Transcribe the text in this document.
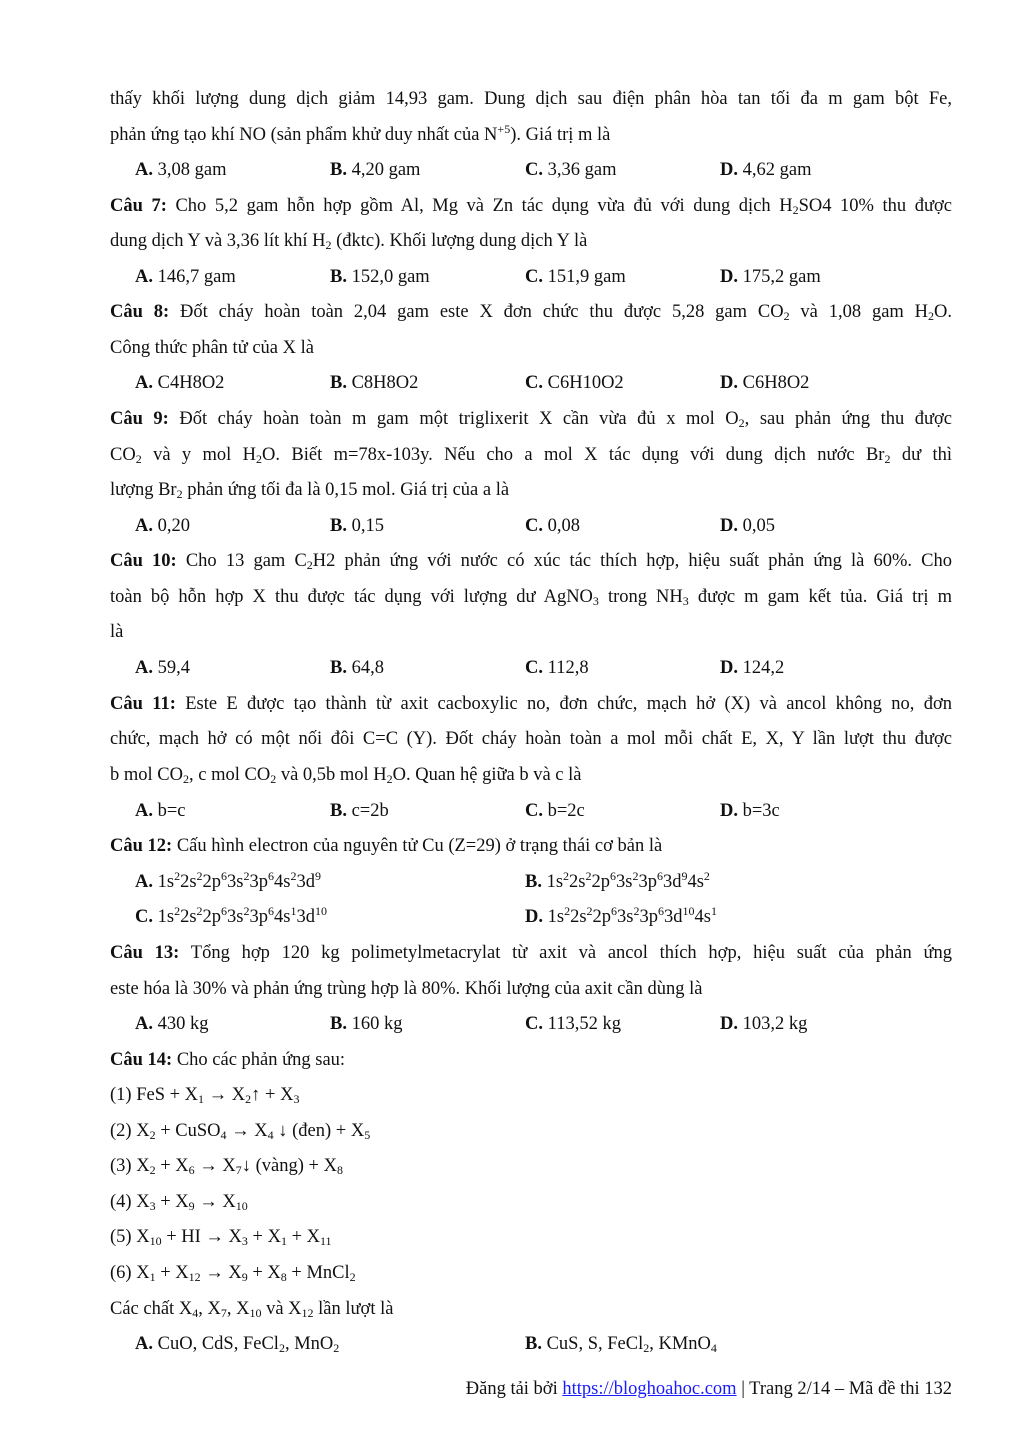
thấy khối lượng dung dịch giảm 14,93 gam. Dung dịch sau điện phân hòa tan tối đa m gam bột Fe,
phản ứng tạo khí NO (sản phẩm khử duy nhất của $N^{+5}$). Giá trị m là
A. 3,08 gam	B. 4,20 gam	C. 3,36 gam	D. 4,62 gam
Câu 7: Cho 5,2 gam hỗn hợp gồm Al, Mg và Zn tác dụng vừa đủ với dung dịch $H_2SO4$ 10% thu được
dung dịch Y và 3,36 lít khí $H_2$ (đktc). Khối lượng dung dịch Y là
A. 146,7 gam	B. 152,0 gam	C. 151,9 gam	D. 175,2 gam
Câu 8: Đốt cháy hoàn toàn 2,04 gam este X đơn chức thu được 5,28 gam $CO_2$ và 1,08 gam $H_2O$.
Công thức phân tử của X là
A. C4H8O2	B. C8H8O2	C. C6H10O2	D. C6H8O2
Câu 9: Đốt cháy hoàn toàn m gam một triglixerit X cần vừa đủ x mol $O_2$, sau phản ứng thu được
$CO_2$ và y mol $H_2O$. Biết m=78x-103y. Nếu cho a mol X tác dụng với dung dịch nước $Br_2$ dư thì
lượng $Br_2$ phản ứng tối đa là 0,15 mol. Giá trị của a là
A. 0,20	B. 0,15	C. 0,08	D. 0,05
Câu 10: Cho 13 gam $C_2H2$ phản ứng với nước có xúc tác thích hợp, hiệu suất phản ứng là 60%. Cho
toàn bộ hỗn hợp X thu được tác dụng với lượng dư AgNO$_3$ trong $NH_3$ được m gam kết tủa. Giá trị m
là
A. 59,4	B. 64,8	C. 112,8	D. 124,2
Câu 11: Este E được tạo thành từ axit cacboxylic no, đơn chức, mạch hở (X) và ancol không no, đơn
chức, mạch hở có một nối đôi C=C (Y). Đốt cháy hoàn toàn a mol mỗi chất E, X, Y lần lượt thu được
b mol $CO_2$, c mol $CO_2$ và 0,5b mol $H_2O$. Quan hệ giữa b và c là
A. b=c	B. c=2b	C. b=2c	D. b=3c
Câu 12: Cấu hình electron của nguyên tử Cu (Z=29) ở trạng thái cơ bản là
A. $1s^22s^22p^63s^23p^64s^23d^9$	B. $1s^22s^22p^63s^23p^63d^94s^2$
C. $1s^22s^22p^63s^23p^64s^13d^{10}$	D. $1s^22s^22p^63s^23p^63d^{10}4s^1$
Câu 13: Tổng hợp 120 kg polimetylmetacrylat từ axit và ancol thích hợp, hiệu suất của phản ứng
este hóa là 30% và phản ứng trùng hợp là 80%. Khối lượng của axit cần dùng là
A. 430 kg	B. 160 kg	C. 113,52 kg	D. 103,2 kg
Câu 14: Cho các phản ứng sau:
(1) FeS + $X_1$ → $X_2↑ + X_3$
(2) $X_2$ + CuSO$_4$ → $X_4$ ↓ (đen) + $X_5$
(3) $X_2 + X_6$ → $X_7↓$ (vàng) + $X_8$
(4) $X_3 + X_9 \to X_{10}$
(5) $X_{10}$ + HI → $X_3 + X_1 + X_{11}$
(6) $X_1 + X_{12} \to X_9 + X_8$ + MnCl$_2$
Các chất $X_4$, $X_7$, $X_{10}$ và $X_{12}$ lần lượt là
A. CuO, CdS, FeCl$_2$, MnO$_2$	B. CuS, S, FeCl$_2$, KMnO$_4$
Đăng tải bởi https://bloghoahoc.com | Trang 2/14 – Mã đề thi 132
